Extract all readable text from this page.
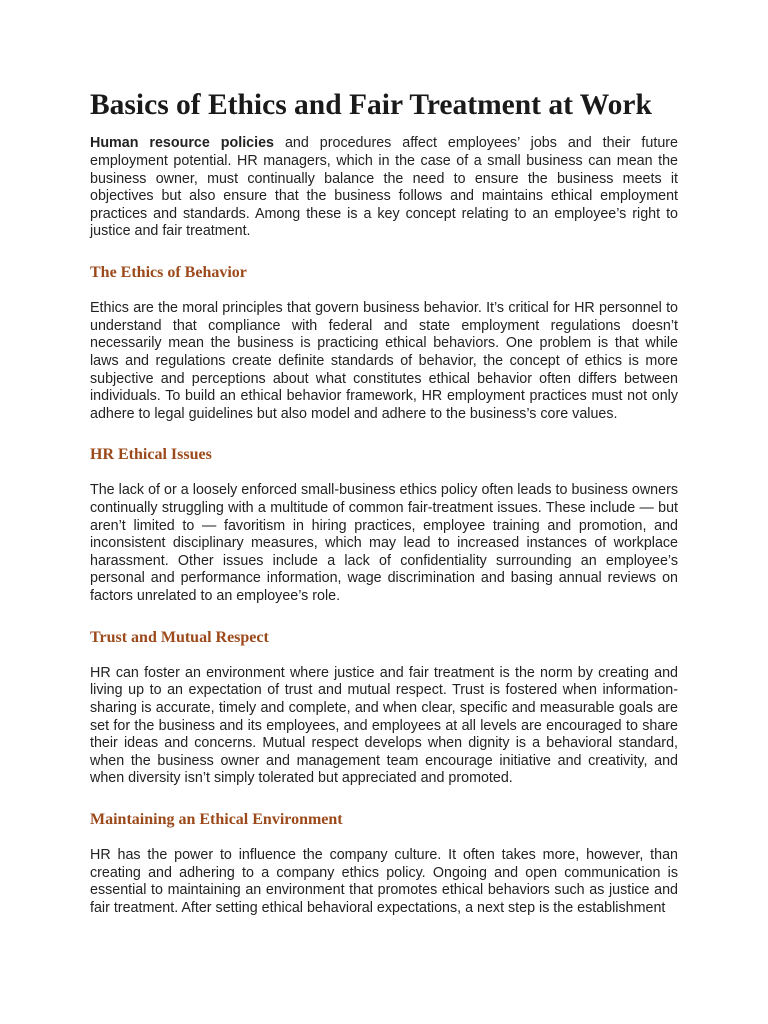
Basics of Ethics and Fair Treatment at Work

Human resource policies and procedures affect employees’ jobs and their future employment potential. HR managers, which in the case of a small business can mean the business owner, must continually balance the need to ensure the business meets it objectives but also ensure that the business follows and maintains ethical employment practices and standards. Among these is a key concept relating to an employee’s right to justice and fair treatment.

The Ethics of Behavior

Ethics are the moral principles that govern business behavior. It’s critical for HR personnel to understand that compliance with federal and state employment regulations doesn’t necessarily mean the business is practicing ethical behaviors. One problem is that while laws and regulations create definite standards of behavior, the concept of ethics is more subjective and perceptions about what constitutes ethical behavior often differs between individuals. To build an ethical behavior framework, HR employment practices must not only adhere to legal guidelines but also model and adhere to the business’s core values.

HR Ethical Issues

The lack of or a loosely enforced small-business ethics policy often leads to business owners continually struggling with a multitude of common fair-treatment issues. These include — but aren’t limited to — favoritism in hiring practices, employee training and promotion, and inconsistent disciplinary measures, which may lead to increased instances of workplace harassment. Other issues include a lack of confidentiality surrounding an employee’s personal and performance information, wage discrimination and basing annual reviews on factors unrelated to an employee’s role.

Trust and Mutual Respect

HR can foster an environment where justice and fair treatment is the norm by creating and living up to an expectation of trust and mutual respect. Trust is fostered when information-sharing is accurate, timely and complete, and when clear, specific and measurable goals are set for the business and its employees, and employees at all levels are encouraged to share their ideas and concerns. Mutual respect develops when dignity is a behavioral standard, when the business owner and management team encourage initiative and creativity, and when diversity isn’t simply tolerated but appreciated and promoted.

Maintaining an Ethical Environment

HR has the power to influence the company culture. It often takes more, however, than creating and adhering to a company ethics policy. Ongoing and open communication is essential to maintaining an environment that promotes ethical behaviors such as justice and fair treatment. After setting ethical behavioral expectations, a next step is the establishment
